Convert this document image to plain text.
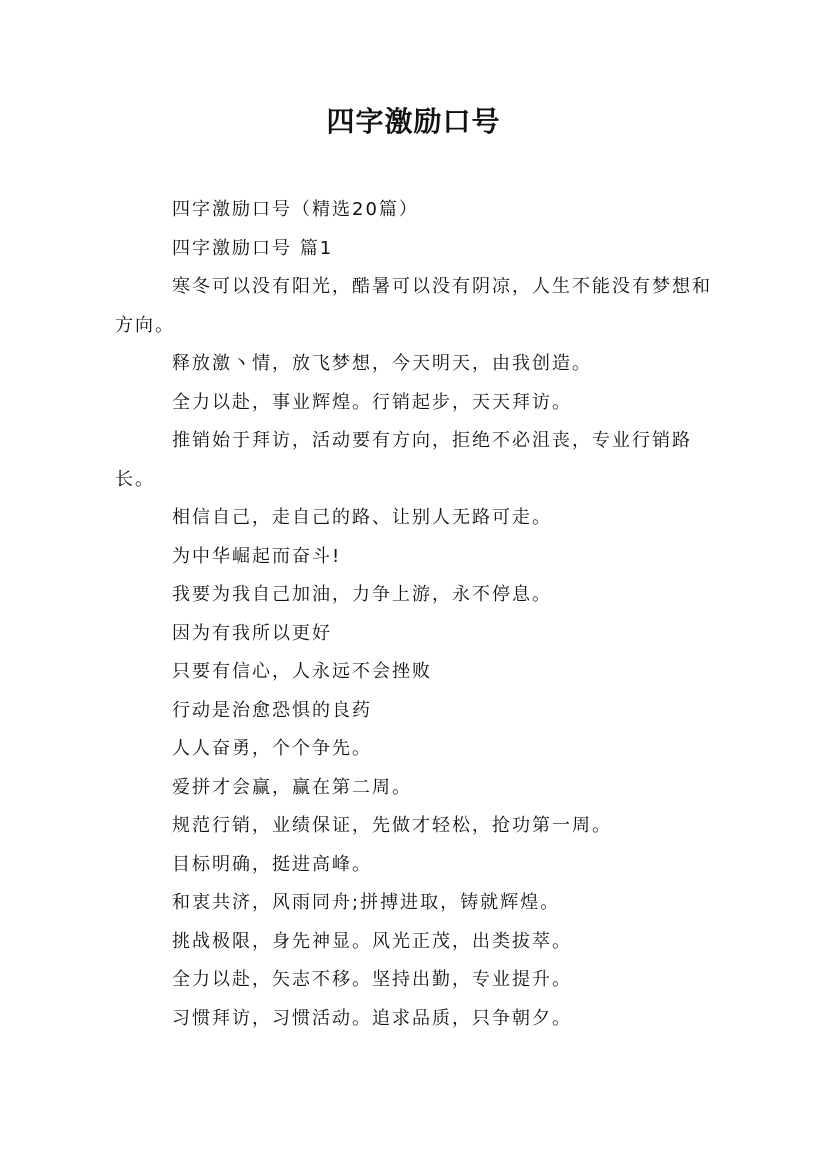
四字激励口号

四字激励口号（精选20篇）

四字激励口号 篇1

寒冬可以没有阳光，酷暑可以没有阴凉，人生不能没有梦想和方向。

释放激丶情，放飞梦想，今天明天，由我创造。

全力以赴，事业辉煌。行销起步，天天拜访。

推销始于拜访，活动要有方向，拒绝不必沮丧，专业行销路长。

相信自己，走自己的路、让别人无路可走。

为中华崛起而奋斗!

我要为我自己加油，力争上游，永不停息。

因为有我所以更好

只要有信心，人永远不会挫败

行动是治愈恐惧的良药

人人奋勇，个个争先。

爱拼才会赢，赢在第二周。

规范行销，业绩保证，先做才轻松，抢功第一周。

目标明确，挺进高峰。

和衷共济，风雨同舟;拼搏进取，铸就辉煌。

挑战极限，身先神显。风光正茂，出类拔萃。

全力以赴，矢志不移。坚持出勤，专业提升。

习惯拜访，习惯活动。追求品质，只争朝夕。
